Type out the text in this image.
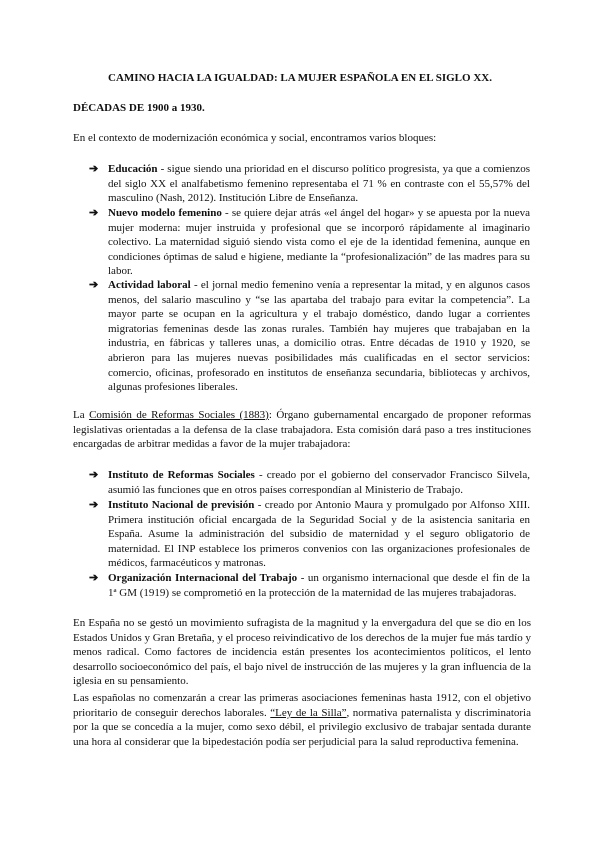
CAMINO HACIA LA IGUALDAD: LA MUJER ESPAÑOLA EN EL SIGLO XX.
DÉCADAS DE 1900 a 1930.

En el contexto de modernización económica y social, encontramos varios bloques:

➔ Educación - sigue siendo una prioridad en el discurso político progresista, ya que a comienzos del siglo XX el analfabetismo femenino representaba el 71 % en contraste con el 55,57% del masculino (Nash, 2012). Institución Libre de Enseñanza.

➔ Nuevo modelo femenino - se quiere dejar atrás «el ángel del hogar» y se apuesta por la nueva mujer moderna: mujer instruida y profesional que se incorporó rápidamente al imaginario colectivo. La maternidad siguió siendo vista como el eje de la identidad femenina, aunque en condiciones óptimas de salud e higiene, mediante la “profesionalización” de las madres para su labor.

➔ Actividad laboral - el jornal medio femenino venía a representar la mitad, y en algunos casos menos, del salario masculino y “se las apartaba del trabajo para evitar la competencia”. La mayor parte se ocupan en la agricultura y el trabajo doméstico, dando lugar a corrientes migratorias femeninas desde las zonas rurales. También hay mujeres que trabajaban en la industria, en fábricas y talleres unas, a domicilio otras. Entre décadas de 1910 y 1920, se abrieron para las mujeres nuevas posibilidades más cualificadas en el sector servicios: comercio, oficinas, profesorado en institutos de enseñanza secundaria, bibliotecas y archivos, algunas profesiones liberales.

La Comisión de Reformas Sociales (1883): Órgano gubernamental encargado de proponer reformas legislativas orientadas a la defensa de la clase trabajadora. Esta comisión dará paso a tres instituciones encargadas de arbitrar medidas a favor de la mujer trabajadora:

➔ Instituto de Reformas Sociales - creado por el gobierno del conservador Francisco Silvela, asumió las funciones que en otros países correspondían al Ministerio de Trabajo.

➔ Instituto Nacional de previsión - creado por Antonio Maura y promulgado por Alfonso XIII. Primera institución oficial encargada de la Seguridad Social y de la asistencia sanitaria en España. Asume la administración del subsidio de maternidad y el seguro obligatorio de maternidad. El INP establece los primeros convenios con las organizaciones profesionales de médicos, farmacéuticos y matronas.

➔ Organización Internacional del Trabajo - un organismo internacional que desde el fin de la 1ª GM (1919) se comprometió en la protección de la maternidad de las mujeres trabajadoras.

En España no se gestó un movimiento sufragista de la magnitud y la envergadura del que se dio en los Estados Unidos y Gran Bretaña, y el proceso reivindicativo de los derechos de la mujer fue más tardío y menos radical. Como factores de incidencia están presentes los acontecimientos políticos, el lento desarrollo socioeconómico del país, el bajo nivel de instrucción de las mujeres y la gran influencia de la iglesia en su pensamiento.

Las españolas no comenzarán a crear las primeras asociaciones femeninas hasta 1912, con el objetivo prioritario de conseguir derechos laborales. “Ley de la Silla”, normativa paternalista y discriminatoria por la que se concedía a la mujer, como sexo débil, el privilegio exclusivo de trabajar sentada durante una hora al considerar que la bipedestación podía ser perjudicial para la salud reproductiva femenina.
